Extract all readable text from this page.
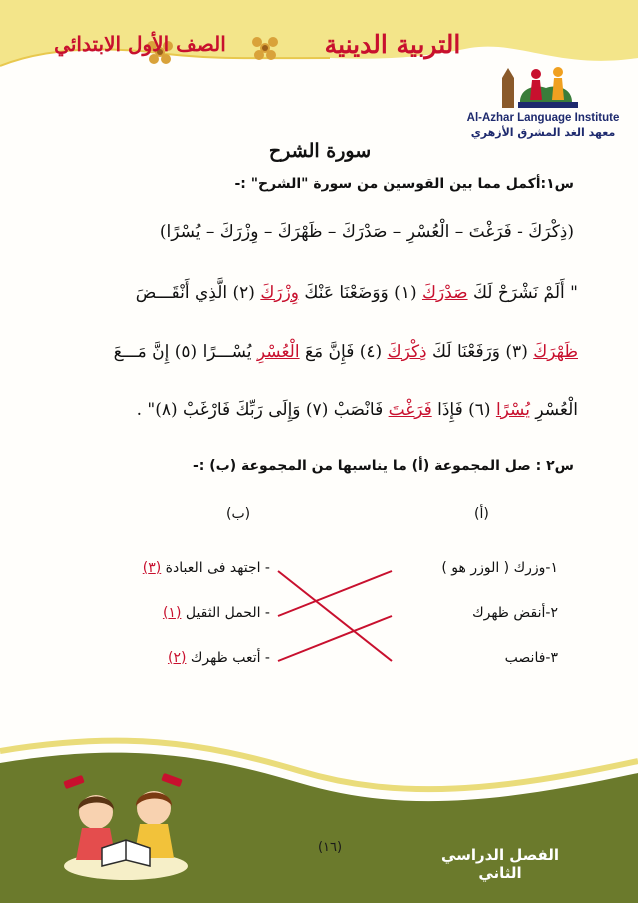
التربية الدينية
الصف الأول الابتدائي
Al-Azhar Language Institute
معهد الغد المشرق الأزهري
سورة الشرح
س١:أكمل مما بين القوسين من سورة "الشرح" :-
(ذِكْرَكَ - فَرَغْتَ – الْعُسْرِ – صَدْرَكَ – ظَهْرَكَ – وِزْرَكَ – يُسْرًا)
" أَلَمْ نَشْرَحْ لَكَ صَدْرَكَ (١) وَوَضَعْنَا عَنْكَ وِزْرَكَ (٢) الَّذِي أَنْقَـــضَ
ظَهْرَكَ (٣) وَرَفَعْنَا لَكَ ذِكْرَكَ (٤) فَإِنَّ مَعَ الْعُسْرِ يُسْـــرًا (٥) إِنَّ مَـــعَ
الْعُسْرِ يُسْرًا (٦) فَإِذَا فَرَغْتَ فَانْصَبْ (٧) وَإِلَى رَبِّكَ فَارْغَبْ (٨)" .
س٢ : صل المجموعة (أ) ما يناسبها من المجموعة (ب) :-
(أ)
(ب)
١-وزرك ( الوزر هو )
٢-أنقض ظهرك
٣-فانصب
- اجتهد فى العبادة (٣)
- الحمل الثقيل (١)
- أتعب ظهرك (٢)
الفصل الدراسي الثاني
(١٦)
